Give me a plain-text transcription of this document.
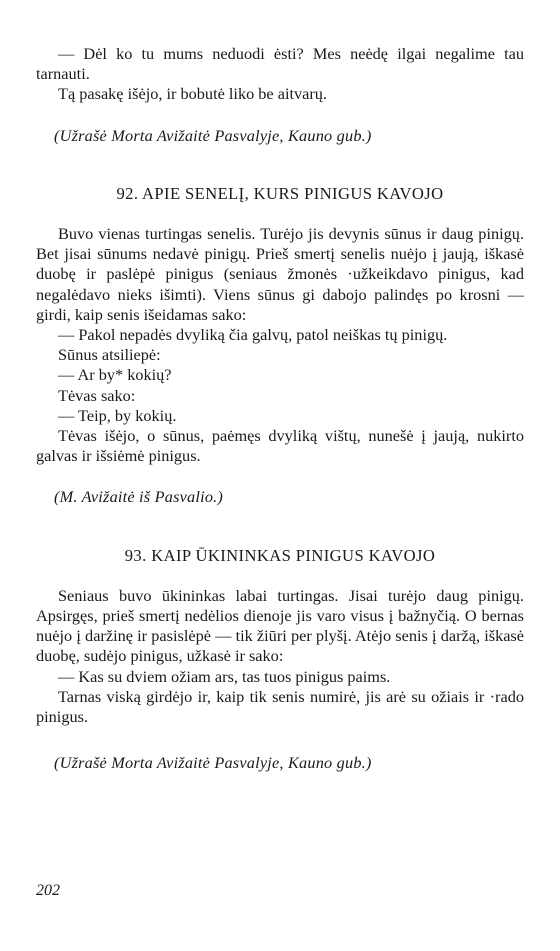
— Dėl ko tu mums neduodi ėsti? Mes neėdę ilgai negalime tau tarnauti.

Tą pasakę išėjo, ir bobutė liko be aitvarų.

(Užrašė Morta Avižaitė Pasvalyje, Kauno gub.)

92. APIE SENELĮ, KURS PINIGUS KAVOJO

Buvo vienas turtingas senelis. Turėjo jis devynis sūnus ir daug pinigų. Bet jisai sūnums nedavė pinigų. Prieš smertį senelis nuėjo į jaują, iškasė duobę ir paslėpė pinigus (seniaus žmonės ·užkeikdavo pinigus, kad negalėdavo nieks išimti). Viens sūnus gi dabojo palindęs po krosni — girdi, kaip senis išeidamas sako:

— Pakol nepadės dvyliką čia galvų, patol neiškas tų pinigų.

Sūnus atsiliepė:

— Ar by* kokių?

Tėvas sako:

— Teip, by kokių.

Tėvas išėjo, o sūnus, paėmęs dvyliką vištų, nunešė į jaują, nukirto galvas ir išsiėmė pinigus.

(M. Avižaitė iš Pasvalio.)

93. KAIP ŪKININKAS PINIGUS KAVOJO

Seniaus buvo ūkininkas labai turtingas. Jisai turėjo daug pinigų. Apsirgęs, prieš smertį nedėlios dienoje jis varo visus į bažnyčią. O bernas nuėjo į daržinę ir pasislėpė — tik žiūri per plyšį. Atėjo senis į daržą, iškasė duobę, sudėjo pinigus, užkasė ir sako:

— Kas su dviem ožiam ars, tas tuos pinigus paims.

Tarnas viską girdėjo ir, kaip tik senis numirė, jis arė su ožiais ir ·rado pinigus.

(Užrašė Morta Avižaitė Pasvalyje, Kauno gub.)

202
